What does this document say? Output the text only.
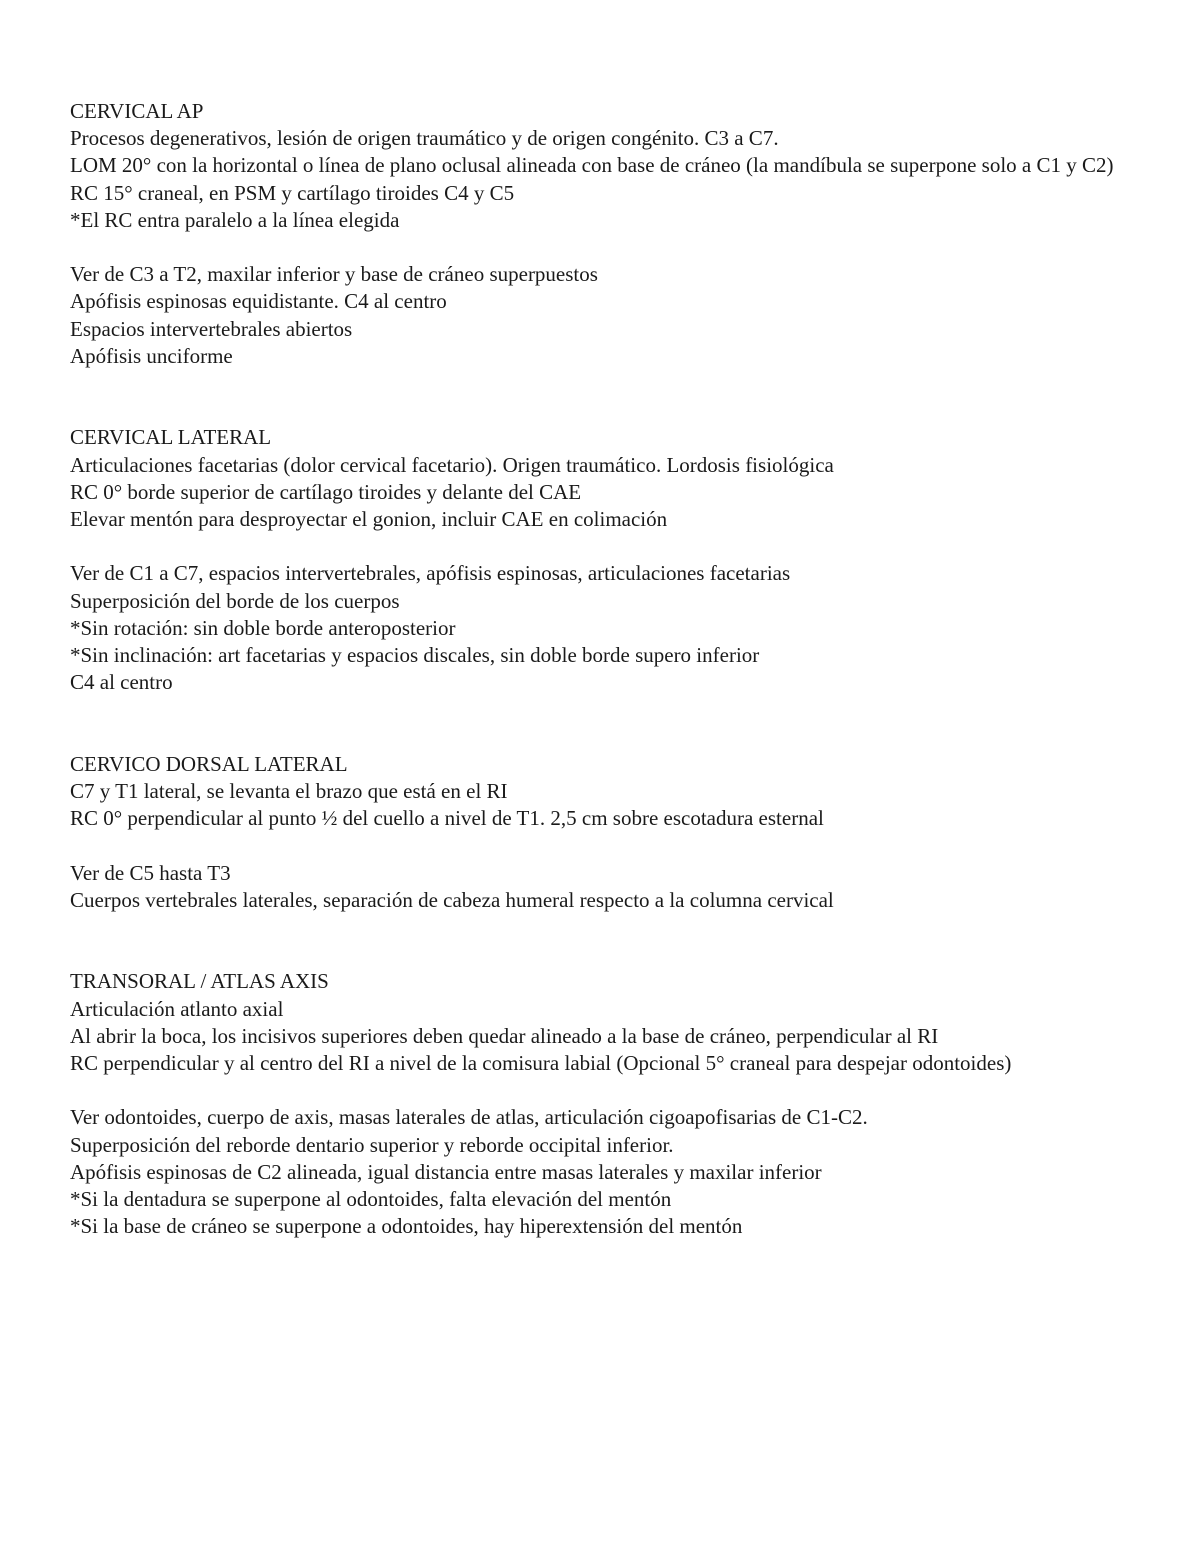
CERVICAL AP
Procesos degenerativos, lesión de origen traumático y de origen congénito. C3 a C7.
LOM 20° con la horizontal o línea de plano oclusal alineada con base de cráneo (la mandíbula se superpone solo a C1 y C2)
RC 15° craneal, en PSM y cartílago tiroides C4 y C5
*El RC entra paralelo a la línea elegida
Ver de C3 a T2, maxilar inferior y base de cráneo superpuestos
Apófisis espinosas equidistante. C4 al centro
Espacios intervertebrales abiertos
Apófisis unciforme
CERVICAL LATERAL
Articulaciones facetarias (dolor cervical facetario). Origen traumático. Lordosis fisiológica
RC 0° borde superior de cartílago tiroides y delante del CAE
Elevar mentón para desproyectar el gonion, incluir CAE en colimación
Ver de C1 a C7, espacios intervertebrales, apófisis espinosas, articulaciones facetarias
Superposición del borde de los cuerpos
*Sin rotación: sin doble borde anteroposterior
*Sin inclinación: art facetarias y espacios discales, sin doble borde supero inferior
C4 al centro
CERVICO DORSAL LATERAL
C7 y T1 lateral, se levanta el brazo que está en el RI
RC 0° perpendicular al punto ½ del cuello a nivel de T1. 2,5 cm sobre escotadura esternal
Ver de C5 hasta T3
Cuerpos vertebrales laterales, separación de cabeza humeral respecto a la columna cervical
TRANSORAL / ATLAS AXIS
Articulación atlanto axial
Al abrir la boca, los incisivos superiores deben quedar alineado a la base de cráneo, perpendicular al RI
RC perpendicular y al centro del RI a nivel de la comisura labial (Opcional 5° craneal para despejar odontoides)
Ver odontoides, cuerpo de axis, masas laterales de atlas, articulación cigoapofisarias de C1-C2.
Superposición del reborde dentario superior y reborde occipital inferior.
Apófisis espinosas de C2 alineada, igual distancia entre masas laterales y maxilar inferior
*Si la dentadura se superpone al odontoides, falta elevación del mentón
*Si la base de cráneo se superpone a odontoides, hay hiperextensión del mentón
